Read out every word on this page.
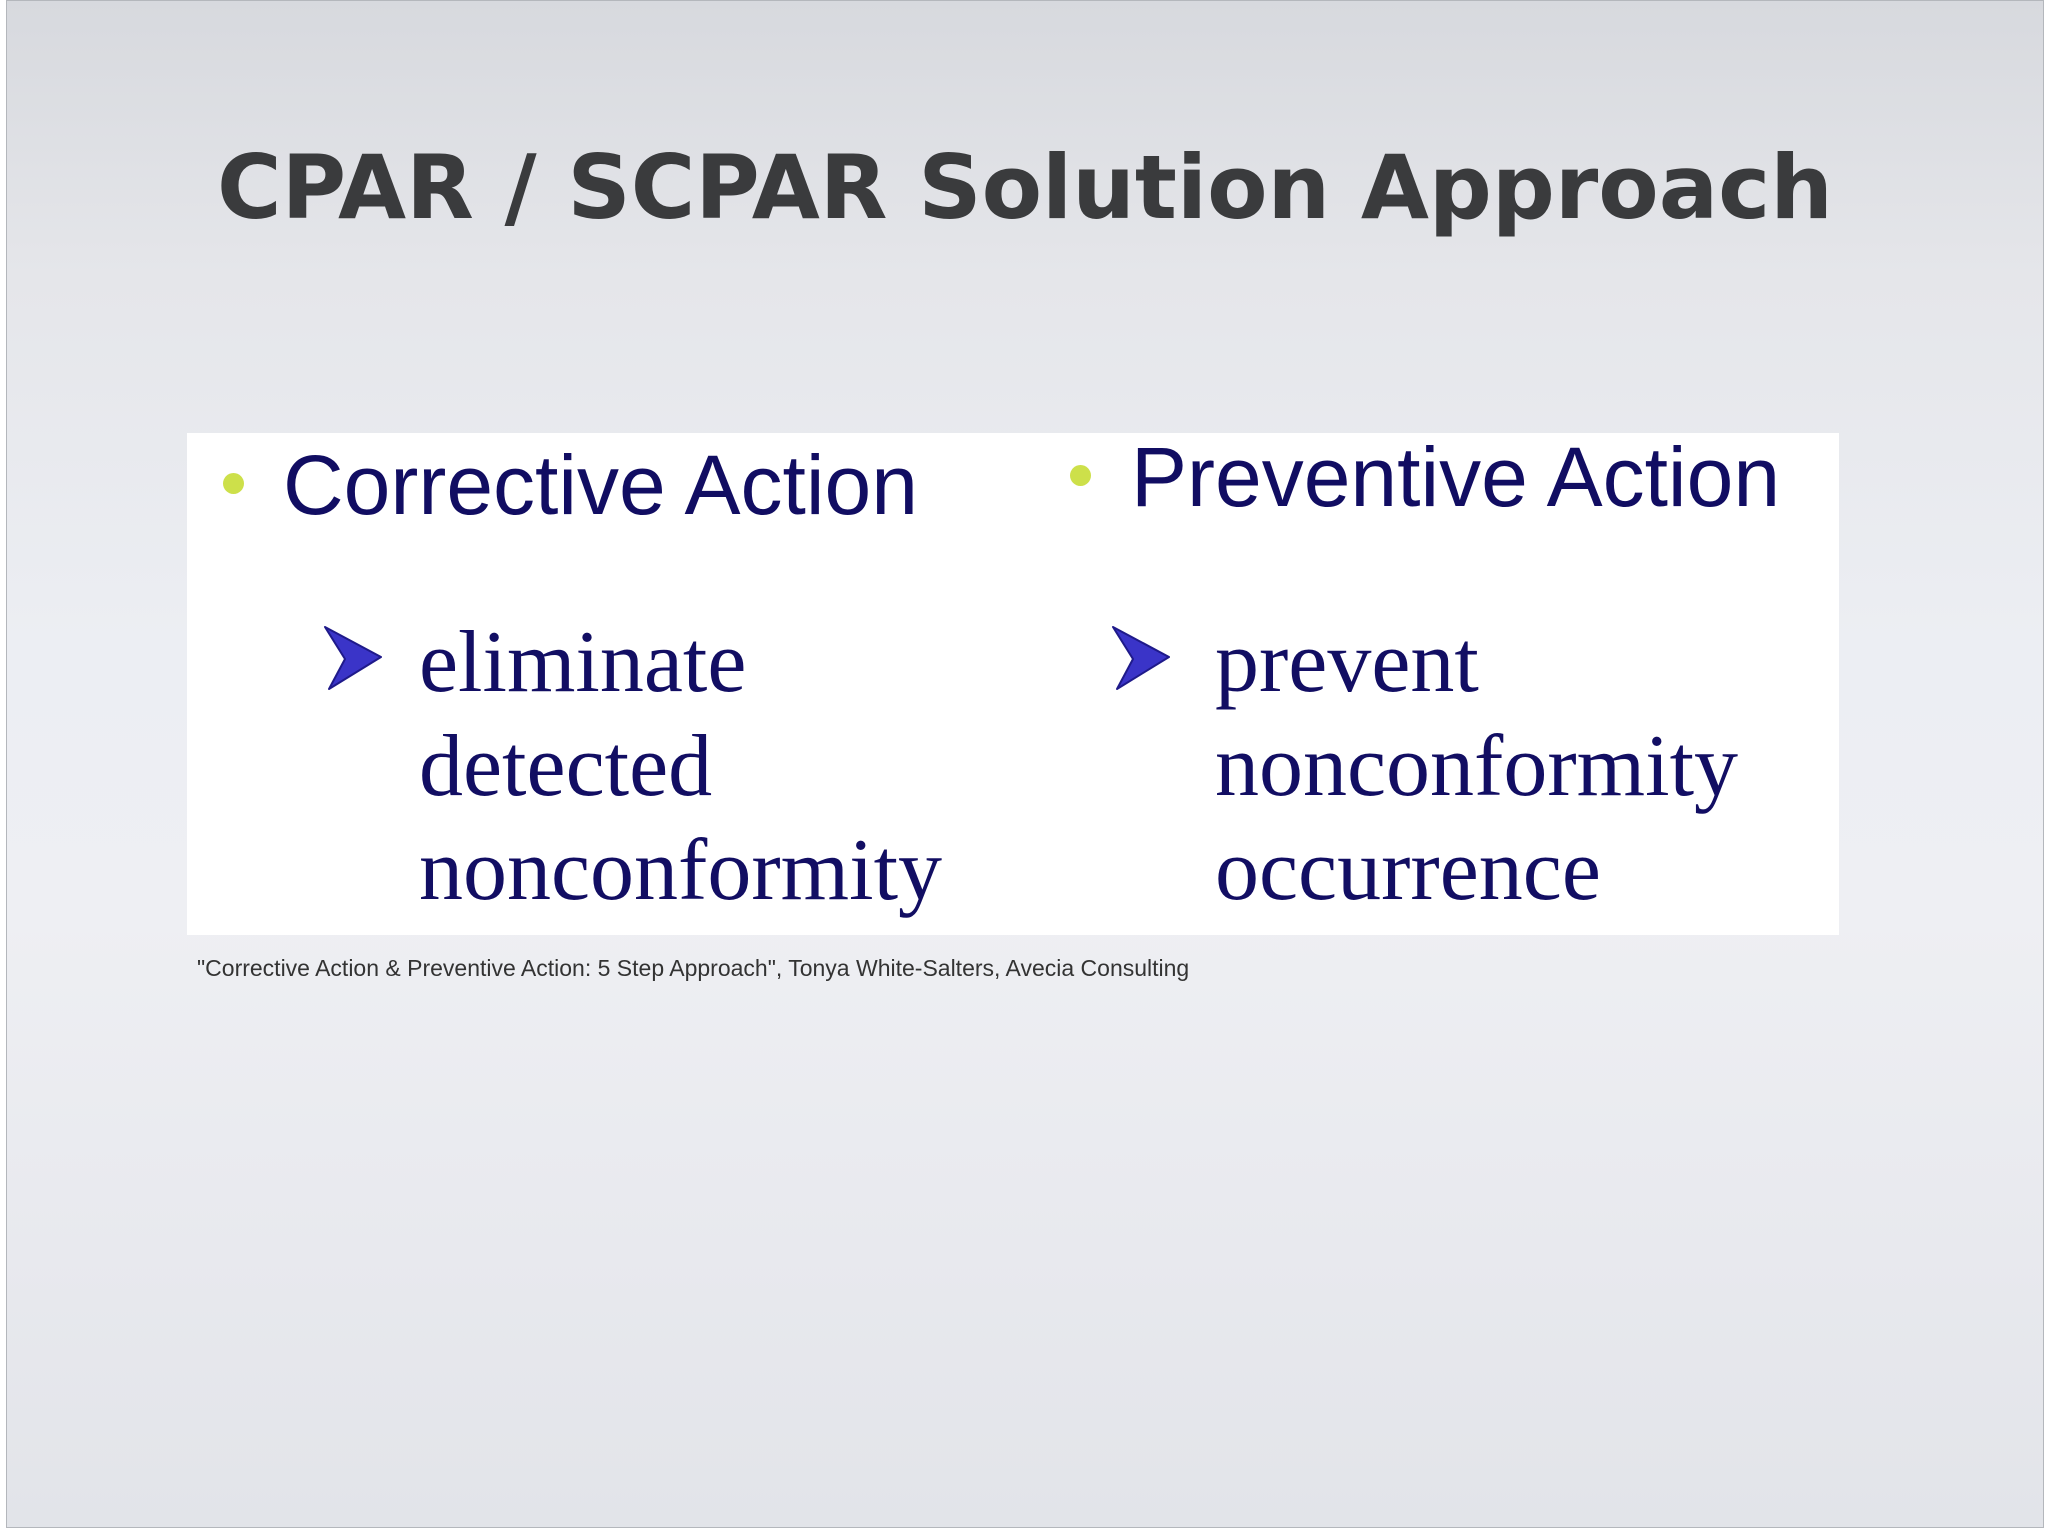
CPAR / SCPAR Solution Approach
Corrective Action
eliminate
detected
nonconformity
Preventive Action
prevent
nonconformity
occurrence
"Corrective Action & Preventive Action: 5 Step Approach", Tonya White-Salters, Avecia Consulting
